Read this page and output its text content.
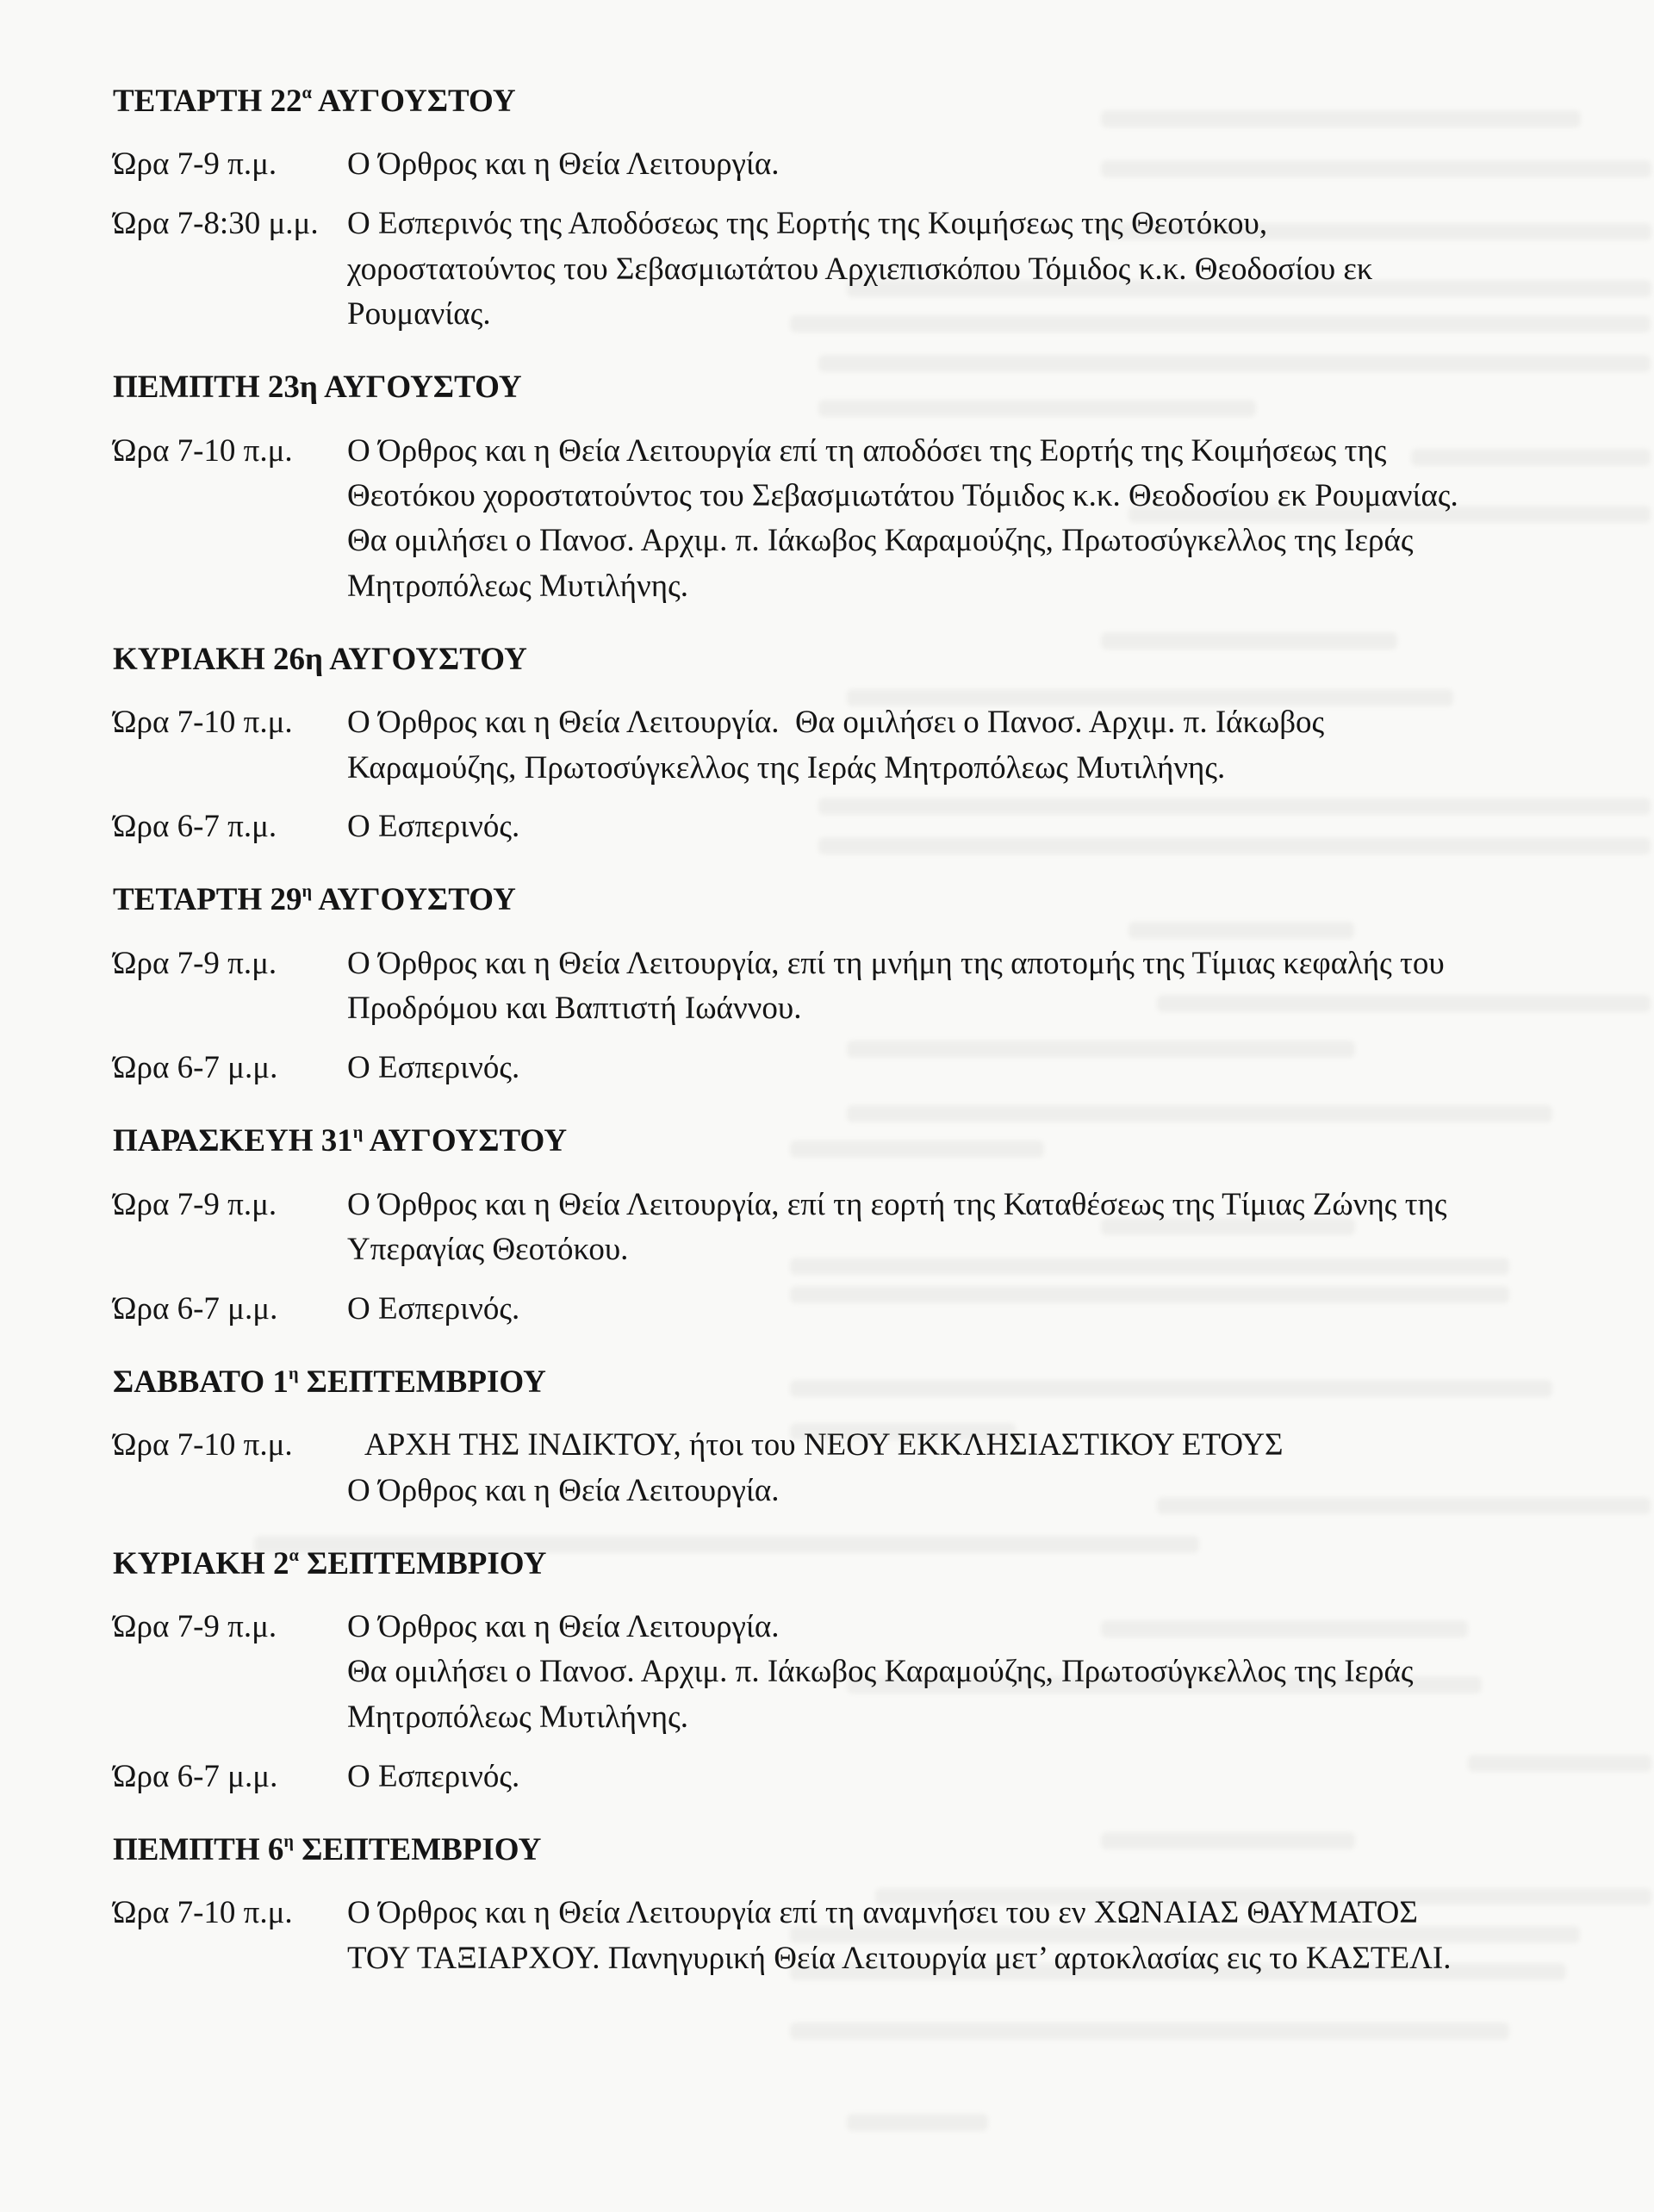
ΤΕΤΑΡΤΗ $22^\alpha$ ΑΥΓΟΥΣΤΟΥ
Ώρα 7-9 π.μ.	Ο Όρθρος και η Θεία Λειτουργία.
Ώρα 7-8:30 μ.μ. Ο Εσπερινός της Αποδόσεως της Εορτής της Κοιμήσεως της Θεοτόκου,
χοροστατούντος του Σεβασμιωτάτου Αρχιεπισκόπου Τόμιδος κ.κ. Θεοδοσίου εκ
Ρουμανίας.
ΠΕΜΠΤΗ 23η ΑΥΓΟΥΣΤΟΥ
Ώρα 7-10 π.μ.	Ο Όρθρος και η Θεία Λειτουργία επί τη αποδόσει της Εορτής της Κοιμήσεως της
Θεοτόκου χοροστατούντος του Σεβασμιωτάτου Τόμιδος κ.κ. Θεοδοσίου εκ Ρουμανίας.
Θα ομιλήσει ο Πανοσ. Αρχιμ. π. Ιάκωβος Καραμούζης, Πρωτοσύγκελλος της Ιεράς
Μητροπόλεως Μυτιλήνης.
ΚΥΡΙΑΚΗ 26η ΑΥΓΟΥΣΤΟΥ
Ώρα 7-10 π.μ.	Ο Όρθρος και η Θεία Λειτουργία.  Θα ομιλήσει ο Πανοσ. Αρχιμ. π. Ιάκωβος
Καραμούζης, Πρωτοσύγκελλος της Ιεράς Μητροπόλεως Μυτιλήνης.
Ώρα 6-7 π.μ.	Ο Εσπερινός.
ΤΕΤΑΡΤΗ $29^\eta$ ΑΥΓΟΥΣΤΟΥ
Ώρα 7-9 π.μ.	Ο Όρθρος και η Θεία Λειτουργία, επί τη μνήμη της αποτομής της Τίμιας κεφαλής του
Προδρόμου και Βαπτιστή Ιωάννου.
Ώρα 6-7 μ.μ.	Ο Εσπερινός.
ΠΑΡΑΣΚΕΥΗ $31^\eta$ ΑΥΓΟΥΣΤΟΥ
Ώρα 7-9 π.μ.	Ο Όρθρος και η Θεία Λειτουργία, επί τη εορτή της Καταθέσεως της Τίμιας Ζώνης της
Υπεραγίας Θεοτόκου.
Ώρα 6-7 μ.μ.	Ο Εσπερινός.
ΣΑΒΒΑΤΟ $1^\eta$ ΣΕΠΤΕΜΒΡΙΟΥ
Ώρα 7-10 π.μ.	ΑΡΧΗ ΤΗΣ ΙΝΔΙΚΤΟΥ, ήτοι του ΝΕΟΥ ΕΚΚΛΗΣΙΑΣΤΙΚΟΥ ΕΤΟΥΣ
Ο Όρθρος και η Θεία Λειτουργία.
ΚΥΡΙΑΚΗ $2^\alpha$ ΣΕΠΤΕΜΒΡΙΟΥ
Ώρα 7-9 π.μ.	Ο Όρθρος και η Θεία Λειτουργία.
Θα ομιλήσει ο Πανοσ. Αρχιμ. π. Ιάκωβος Καραμούζης, Πρωτοσύγκελλος της Ιεράς
Μητροπόλεως Μυτιλήνης.
Ώρα 6-7 μ.μ.	Ο Εσπερινός.
ΠΕΜΠΤΗ $6^\eta$ ΣΕΠΤΕΜΒΡΙΟΥ
Ώρα 7-10 π.μ.	Ο Όρθρος και η Θεία Λειτουργία επί τη αναμνήσει του εν ΧΩΝΑΙΑΣ ΘΑΥΜΑΤΟΣ
ΤΟΥ ΤΑΞΙΑΡΧΟΥ. Πανηγυρική Θεία Λειτουργία μετ’ αρτοκλασίας εις το ΚΑΣΤΕΛΙ.
